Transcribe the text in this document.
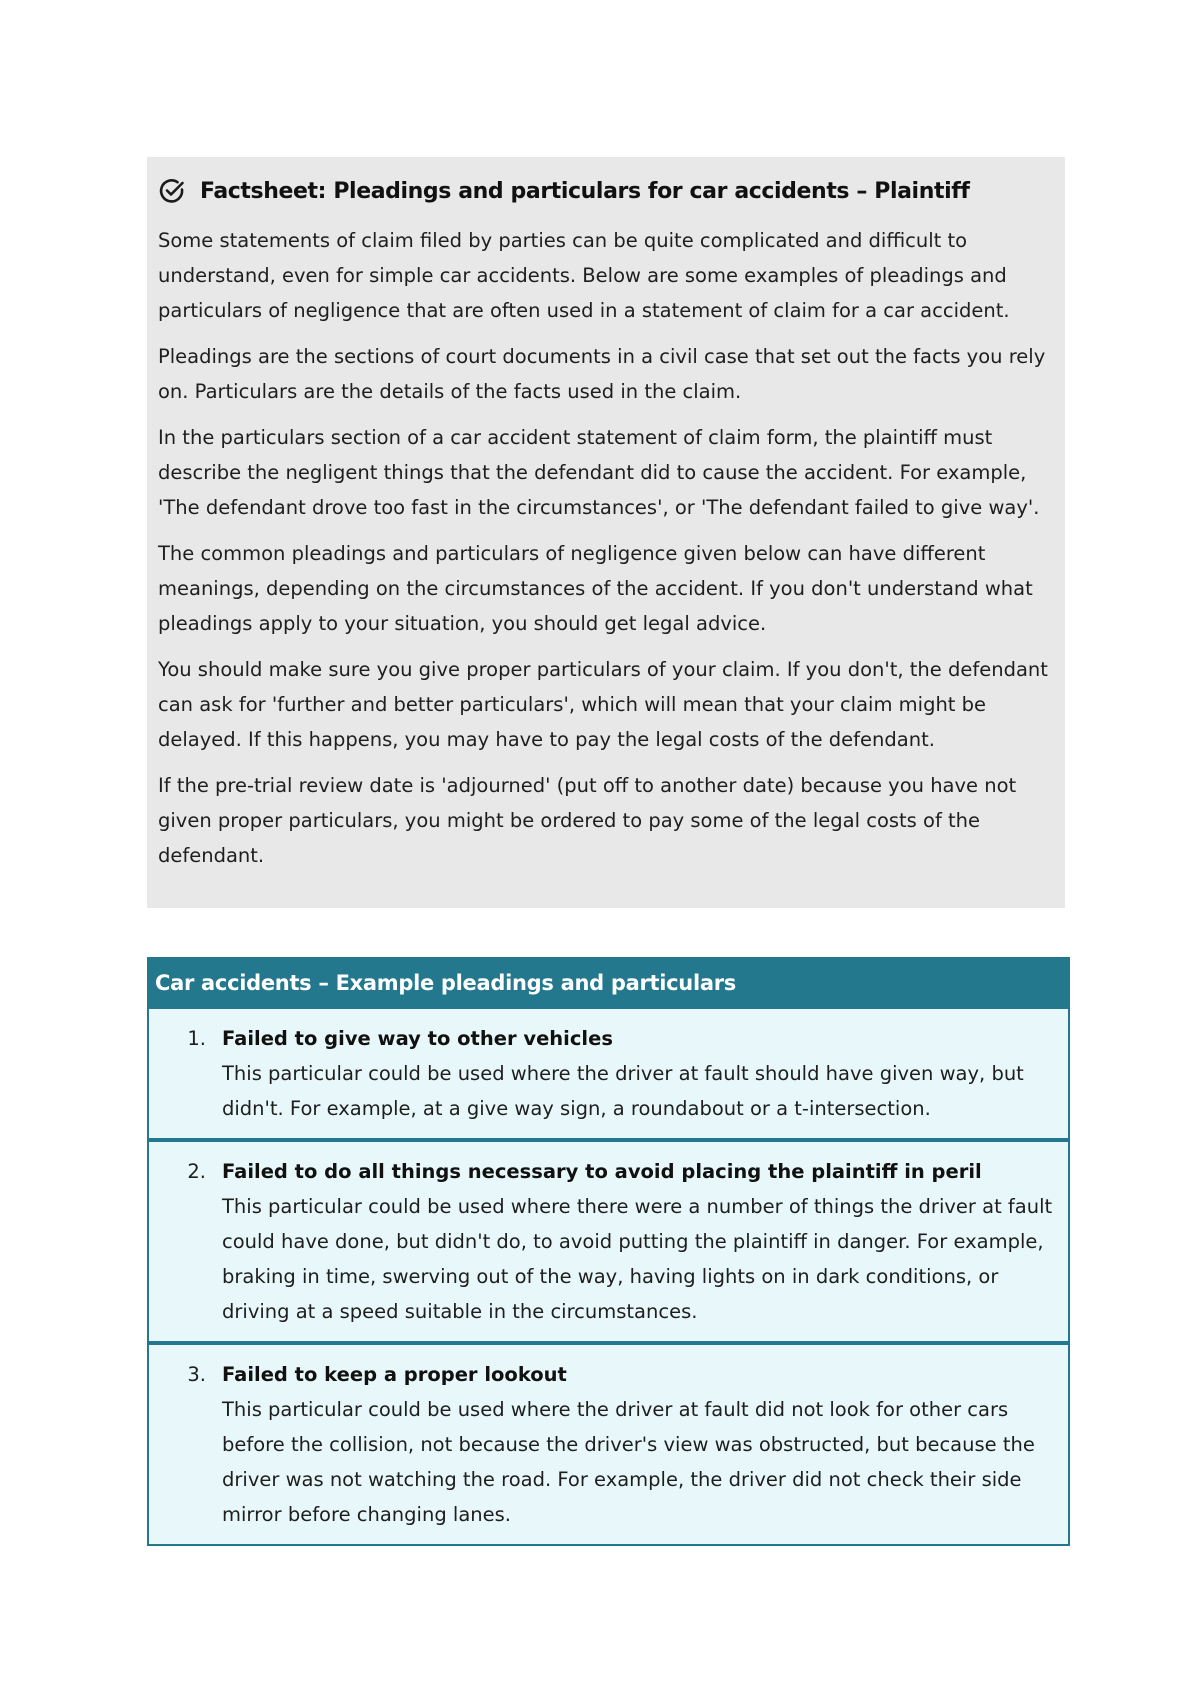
Factsheet: Pleadings and particulars for car accidents – Plaintiff

Some statements of claim filed by parties can be quite complicated and difficult to understand, even for simple car accidents. Below are some examples of pleadings and particulars of negligence that are often used in a statement of claim for a car accident.

Pleadings are the sections of court documents in a civil case that set out the facts you rely on. Particulars are the details of the facts used in the claim.

In the particulars section of a car accident statement of claim form, the plaintiff must describe the negligent things that the defendant did to cause the accident. For example, 'The defendant drove too fast in the circumstances', or 'The defendant failed to give way'.

The common pleadings and particulars of negligence given below can have different meanings, depending on the circumstances of the accident. If you don't understand what pleadings apply to your situation, you should get legal advice.

You should make sure you give proper particulars of your claim. If you don't, the defendant can ask for 'further and better particulars', which will mean that your claim might be delayed. If this happens, you may have to pay the legal costs of the defendant.

If the pre-trial review date is 'adjourned' (put off to another date) because you have not given proper particulars, you might be ordered to pay some of the legal costs of the defendant.

Car accidents – Example pleadings and particulars
1. Failed to give way to other vehicles
This particular could be used where the driver at fault should have given way, but didn't. For example, at a give way sign, a roundabout or a t-intersection.
2. Failed to do all things necessary to avoid placing the plaintiff in peril
This particular could be used where there were a number of things the driver at fault could have done, but didn't do, to avoid putting the plaintiff in danger. For example, braking in time, swerving out of the way, having lights on in dark conditions, or driving at a speed suitable in the circumstances.
3. Failed to keep a proper lookout
This particular could be used where the driver at fault did not look for other cars before the collision, not because the driver's view was obstructed, but because the driver was not watching the road. For example, the driver did not check their side mirror before changing lanes.
